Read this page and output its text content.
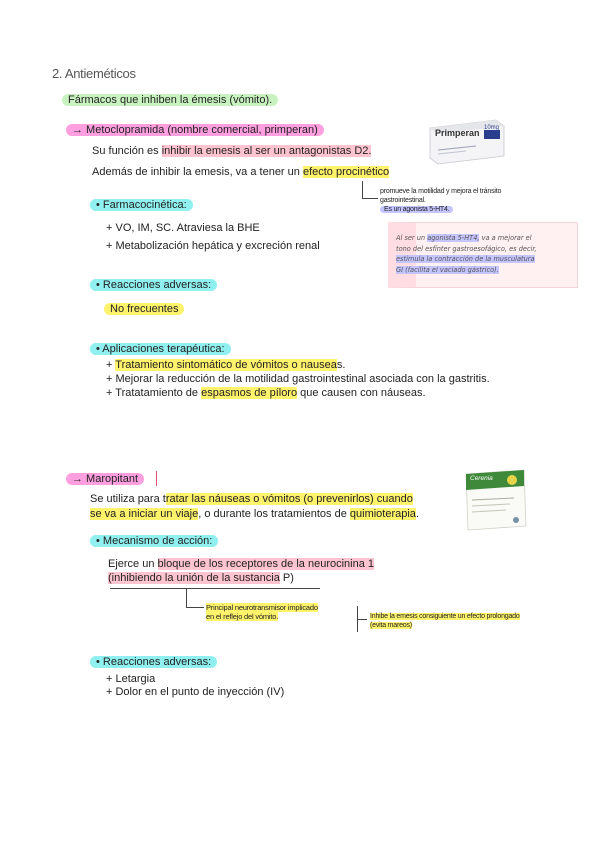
2. Antieméticos
Fármacos que inhiben la émesis (vómito).
→ Metoclopramida (nombre comercial, primperan)
Su función es inhibir la emesis al ser un antagonistas D2.
Además de inhibir la emesis, va a tener un efecto procinético
promueve la motilidad y mejora el tránsito
gastrointestinal.
Es un agonista 5-HT4.
Primperan 10mg
Al ser un agonista 5-HT4, va a mejorar el
tono del esfínter gastroesofágico, es decir,
estimula la contracción de la musculatura
GI (facilita el vaciado gástrico).
• Farmacocinética:
+ VO, IM, SC. Atraviesa la BHE
+ Metabolización hepática y excreción renal
• Reacciones adversas:
No frecuentes
• Aplicaciones terapéutica:
+ Tratamiento sintomático de vómitos o nauseas.
+ Mejorar la reducción de la motilidad gastrointestinal asociada con la gastritis.
+ Tratatamiento de espasmos de píloro que causen con náuseas.
→ Maropitant	Cerenia
Se utiliza para tratar las náuseas o vómitos (o prevenirlos) cuando
se va a iniciar un viaje, o durante los tratamientos de quimioterapia.
• Mecanismo de acción:
Ejerce un bloque de los receptores de la neurocinina 1
(inhibiendo la unión de la sustancia P)
Principal neurotransmisor implicado
en el reflejo del vómito.	Inhibe la emesis consiguiente un efecto prolongado
(evita mareos)
• Reacciones adversas:
+ Letargia
+ Dolor en el punto de inyección (IV)
